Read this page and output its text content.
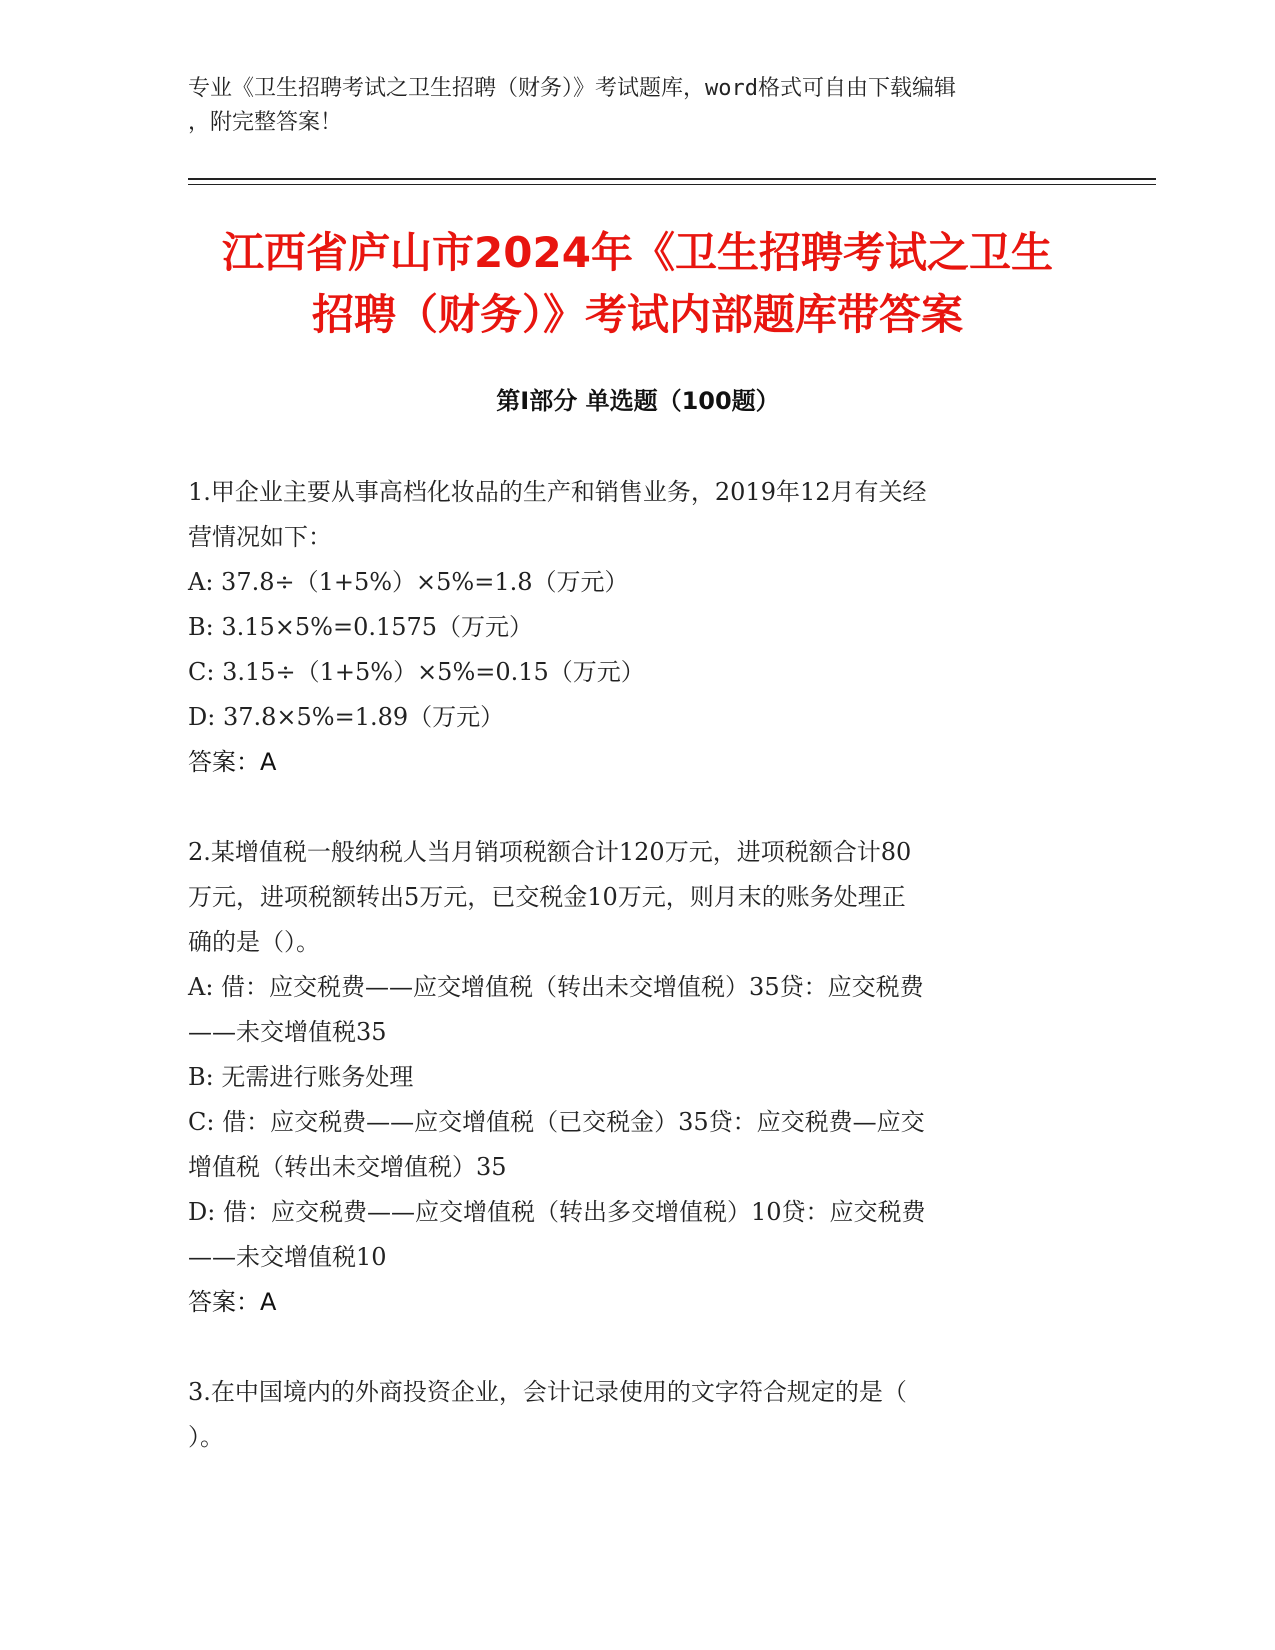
专业《卫生招聘考试之卫生招聘（财务）》考试题库，word格式可自由下载编辑
，附完整答案！
江西省庐山市2024年《卫生招聘考试之卫生
招聘（财务）》考试内部题库带答案
第I部分 单选题（100题）
1.甲企业主要从事高档化妆品的生产和销售业务，2019年12月有关经
营情况如下：
A: 37.8÷（1+5%）×5%=1.8（万元）
B: 3.15×5%=0.1575（万元）
C: 3.15÷（1+5%）×5%=0.15（万元）
D: 37.8×5%=1.89（万元）
答案：A
2.某增值税一般纳税人当月销项税额合计120万元，进项税额合计80
万元，进项税额转出5万元，已交税金10万元，则月末的账务处理正
确的是（）。
A: 借：应交税费——应交增值税（转出未交增值税）35贷：应交税费
——未交增值税35
B: 无需进行账务处理
C: 借：应交税费——应交增值税（已交税金）35贷：应交税费—应交
增值税（转出未交增值税）35
D: 借：应交税费——应交增值税（转出多交增值税）10贷：应交税费
——未交增值税10
答案：A
3.在中国境内的外商投资企业，会计记录使用的文字符合规定的是（
）。
